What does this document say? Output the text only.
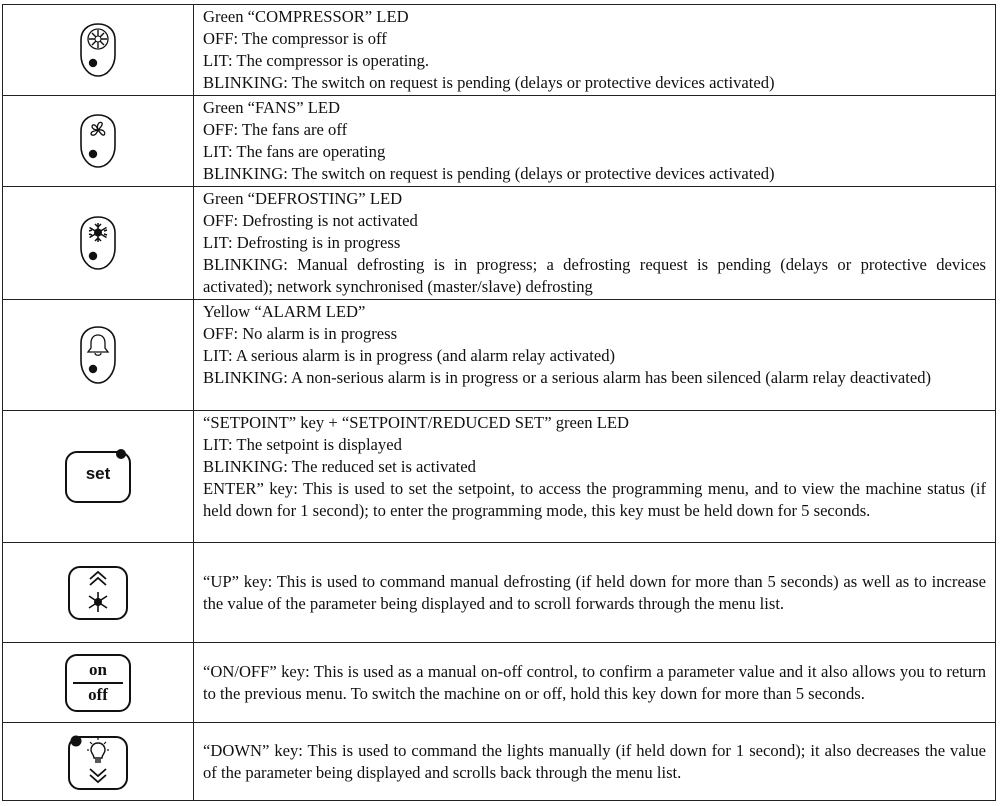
Green “COMPRESSOR” LED
OFF: The compressor is off
LIT: The compressor is operating.
BLINKING: The switch on request is pending (delays or protective devices activated)

Green “FANS” LED
OFF: The fans are off
LIT: The fans are operating
BLINKING: The switch on request is pending (delays or protective devices activated)

Green “DEFROSTING” LED
OFF: Defrosting is not activated
LIT: Defrosting is in progress
BLINKING: Manual defrosting is in progress; a defrosting request is pending (delays or protective devices activated); network synchronised (master/slave) defrosting

Yellow “ALARM LED”
OFF: No alarm is in progress
LIT: A serious alarm is in progress (and alarm relay activated)
BLINKING: A non-serious alarm is in progress or a serious alarm has been silenced (alarm relay deactivated)

set	“SETPOINT” key + “SETPOINT/REDUCED SET” green LED
LIT: The setpoint is displayed
BLINKING: The reduced set is activated
ENTER” key: This is used to set the setpoint, to access the programming menu, and to view the machine status (if held down for 1 second); to enter the programming mode, this key must be held down for 5 seconds.

“UP” key: This is used to command manual defrosting (if held down for more than 5 seconds) as well as to increase the value of the parameter being displayed and to scroll forwards through the menu list.

on
off	“ON/OFF” key: This is used as a manual on-off control, to confirm a parameter value and it also allows you to return to the previous menu. To switch the machine on or off, hold this key down for more than 5 seconds.

“DOWN” key: This is used to command the lights manually (if held down for 1 second); it also decreases the value of the parameter being displayed and scrolls back through the menu list.
